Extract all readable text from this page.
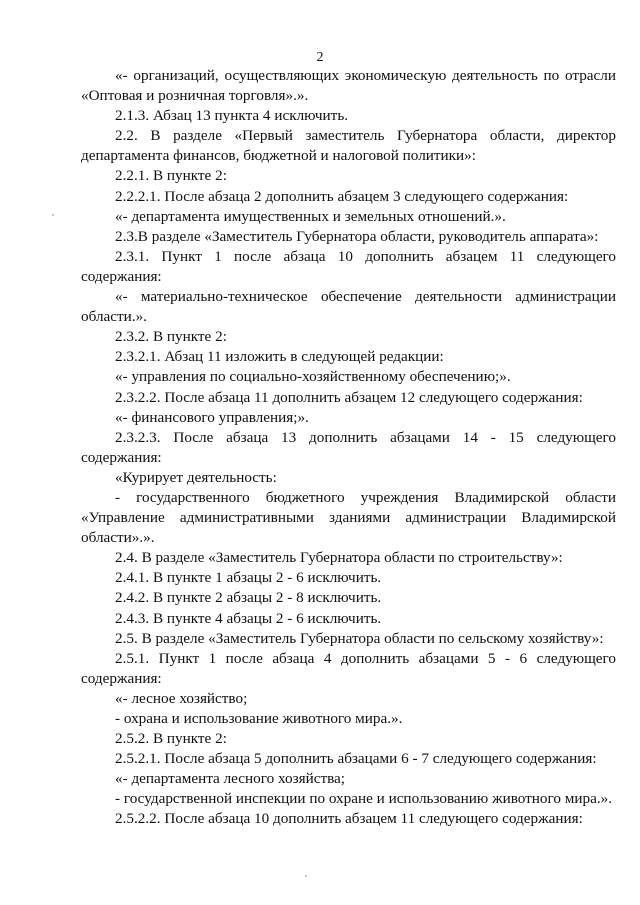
2

«- организаций, осуществляющих экономическую деятельность по отрасли «Оптовая и розничная торговля».».

2.1.3. Абзац 13 пункта 4 исключить.

2.2. В разделе «Первый заместитель Губернатора области, директор департамента финансов, бюджетной и налоговой политики»:

2.2.1. В пункте 2:

2.2.2.1. После абзаца 2 дополнить абзацем 3 следующего содержания:

«- департамента имущественных и земельных отношений.».

2.3.В разделе «Заместитель Губернатора области, руководитель аппарата»:

2.3.1. Пункт 1 после абзаца 10 дополнить абзацем 11 следующего содержания:

«- материально-техническое обеспечение деятельности администрации области.».

2.3.2. В пункте 2:

2.3.2.1. Абзац 11 изложить в следующей редакции:

«- управления по социально-хозяйственному обеспечению;».

2.3.2.2. После абзаца 11 дополнить абзацем 12 следующего содержания:

«- финансового управления;».

2.3.2.3. После абзаца 13 дополнить абзацами 14 - 15 следующего содержания:

«Курирует деятельность:

- государственного бюджетного учреждения Владимирской области «Управление административными зданиями администрации Владимирской области».».

2.4. В разделе «Заместитель Губернатора области по строительству»:

2.4.1. В пункте 1 абзацы 2 - 6 исключить.

2.4.2. В пункте 2 абзацы 2 - 8 исключить.

2.4.3. В пункте 4 абзацы 2 - 6 исключить.

2.5. В разделе «Заместитель Губернатора области по сельскому хозяйству»:

2.5.1. Пункт 1 после абзаца 4 дополнить абзацами 5 - 6 следующего содержания:

«- лесное хозяйство;

- охрана и использование животного мира.».

2.5.2. В пункте 2:

2.5.2.1. После абзаца 5 дополнить абзацами 6 - 7 следующего содержания:

«- департамента лесного хозяйства;

- государственной инспекции по охране и использованию животного мира.».

2.5.2.2. После абзаца 10 дополнить абзацем 11 следующего содержания:
